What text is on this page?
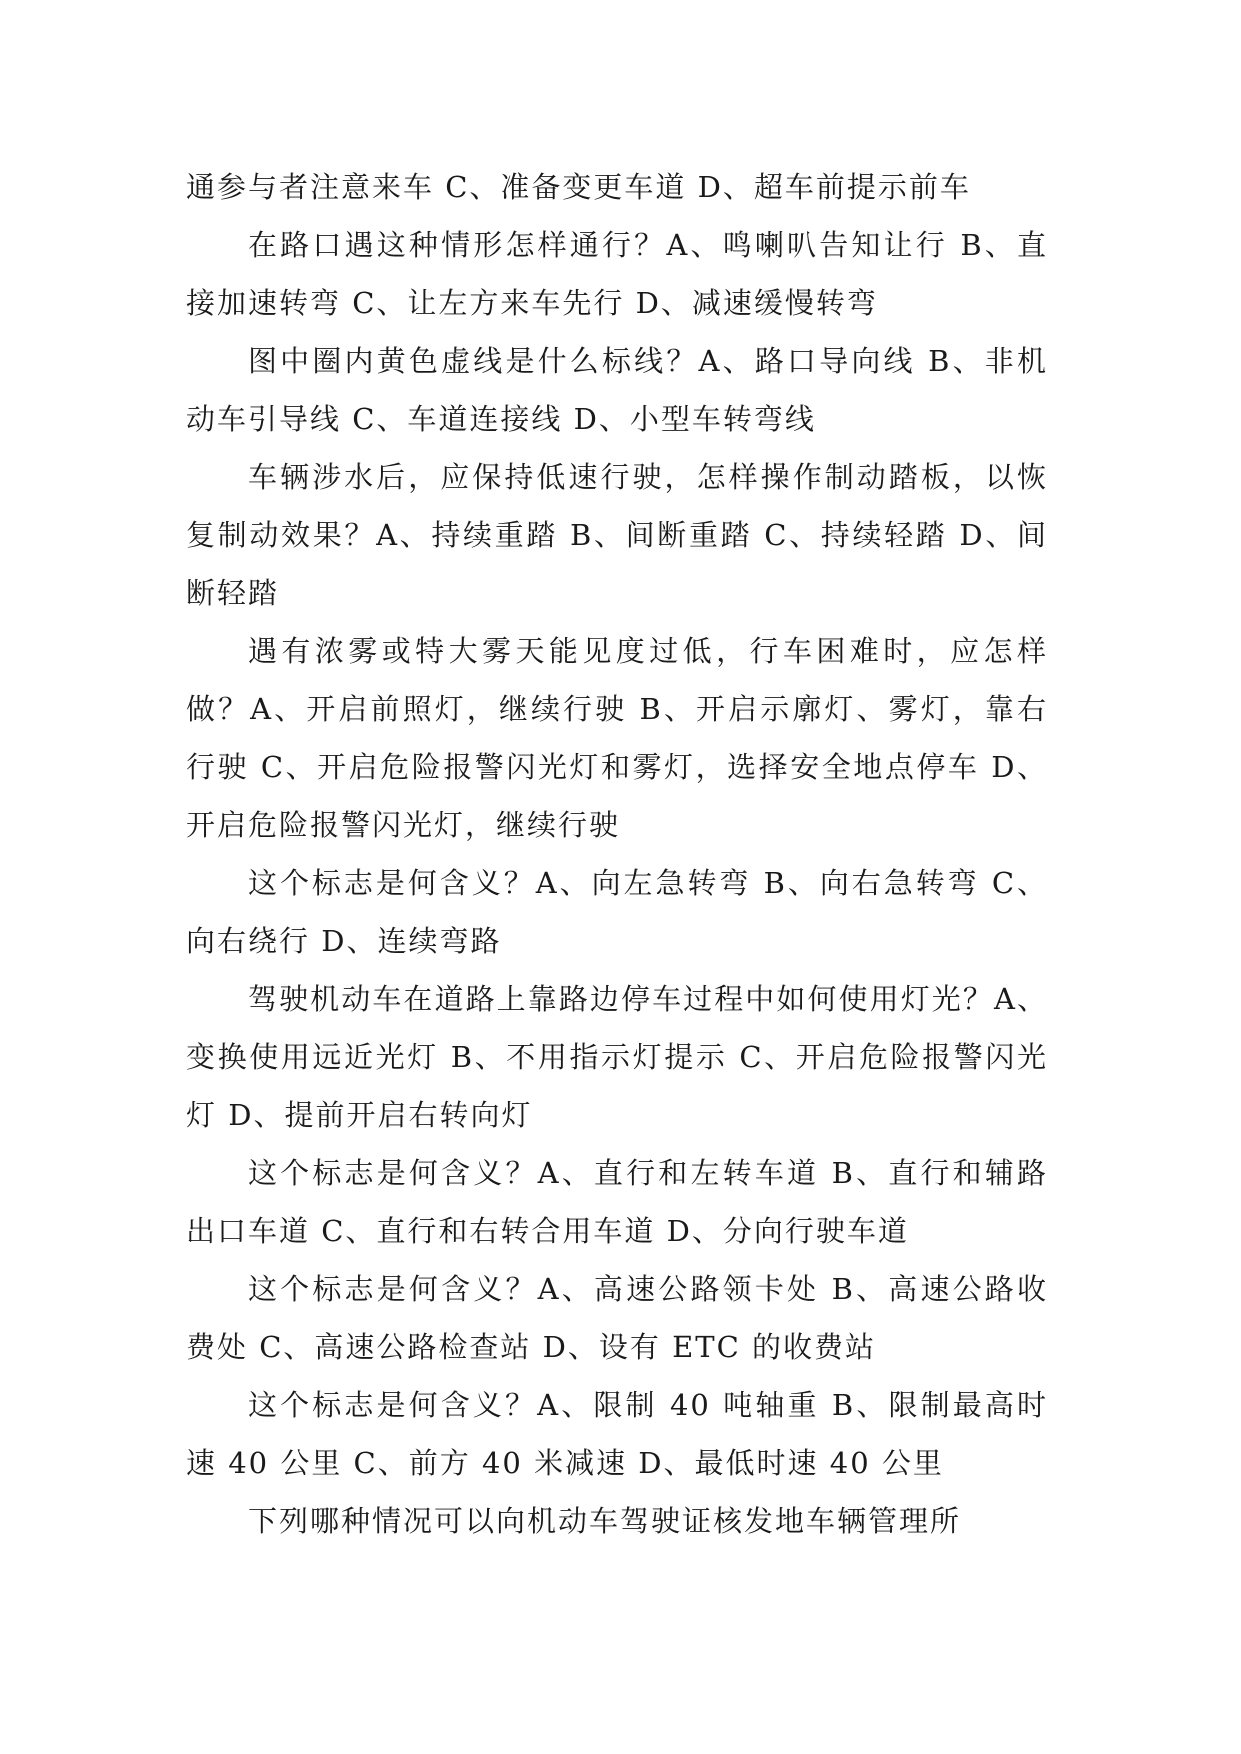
通参与者注意来车 C、准备变更车道 D、超车前提示前车

在路口遇这种情形怎样通行？A、鸣喇叭告知让行 B、直接加速转弯 C、让左方来车先行 D、减速缓慢转弯

图中圈内黄色虚线是什么标线？A、路口导向线 B、非机动车引导线 C、车道连接线 D、小型车转弯线

车辆涉水后，应保持低速行驶，怎样操作制动踏板，以恢复制动效果？A、持续重踏 B、间断重踏 C、持续轻踏 D、间断轻踏

遇有浓雾或特大雾天能见度过低，行车困难时，应怎样做？A、开启前照灯，继续行驶 B、开启示廓灯、雾灯，靠右行驶 C、开启危险报警闪光灯和雾灯，选择安全地点停车 D、开启危险报警闪光灯，继续行驶

这个标志是何含义？A、向左急转弯 B、向右急转弯 C、向右绕行 D、连续弯路

驾驶机动车在道路上靠路边停车过程中如何使用灯光？A、变换使用远近光灯 B、不用指示灯提示 C、开启危险报警闪光灯 D、提前开启右转向灯

这个标志是何含义？A、直行和左转车道 B、直行和辅路出口车道 C、直行和右转合用车道 D、分向行驶车道

这个标志是何含义？A、高速公路领卡处 B、高速公路收费处 C、高速公路检查站 D、设有 ETC 的收费站

这个标志是何含义？A、限制 40 吨轴重 B、限制最高时速 40 公里 C、前方 40 米减速 D、最低时速 40 公里

下列哪种情况可以向机动车驾驶证核发地车辆管理所
